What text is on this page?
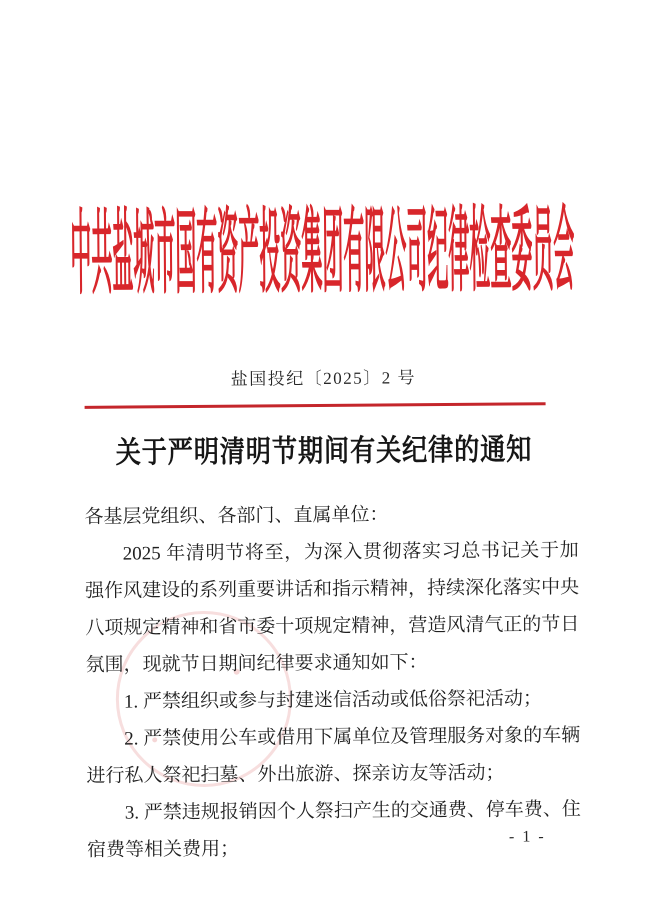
中共盐城市国有资产投资集团有限公司纪律检查委员会
盐国投纪〔2025〕2 号
关于严明清明节期间有关纪律的通知

各基层党组织、各部门、直属单位：

2025 年清明节将至，为深入贯彻落实习总书记关于加强作风建设的系列重要讲话和指示精神，持续深化落实中央八项规定精神和省市委十项规定精神，营造风清气正的节日氛围，现就节日期间纪律要求通知如下：

1. 严禁组织或参与封建迷信活动或低俗祭祀活动；

2. 严禁使用公车或借用下属单位及管理服务对象的车辆进行私人祭祀扫墓、外出旅游、探亲访友等活动；

3. 严禁违规报销因个人祭扫产生的交通费、停车费、住宿费等相关费用；

- 1 -
